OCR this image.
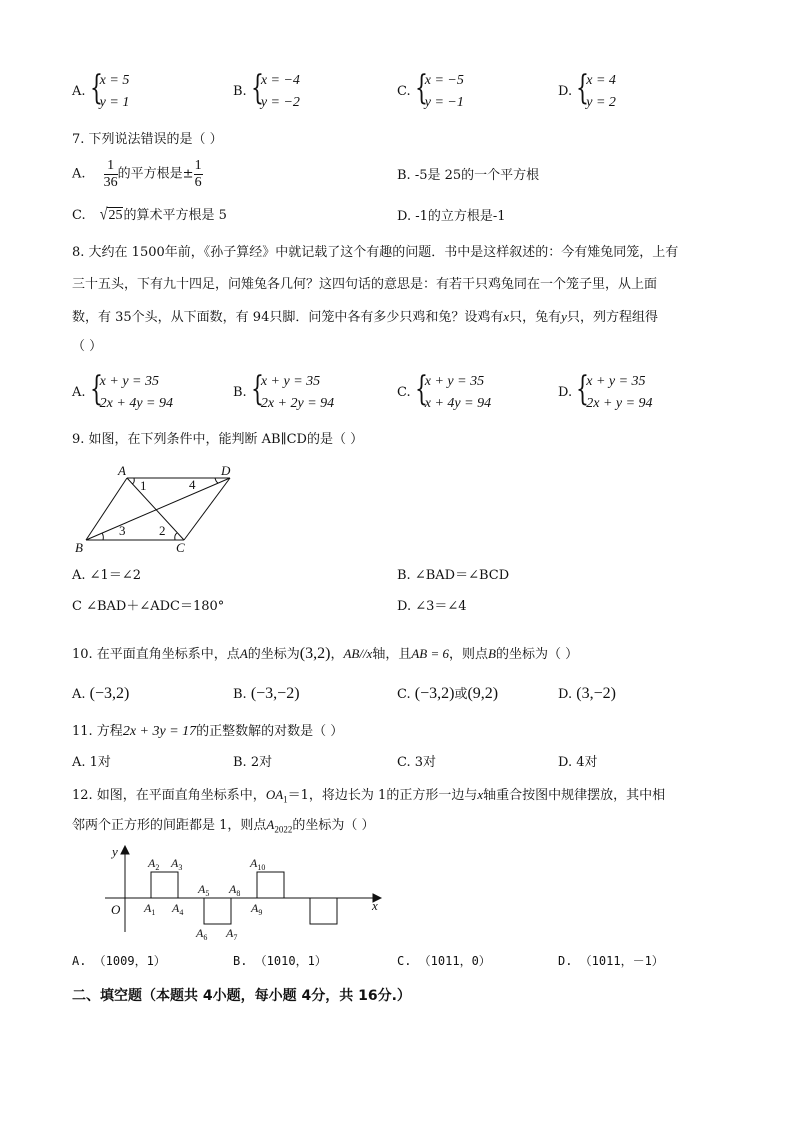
A. {
x = 5
y = 1
B. {
x = −4
y = −2
C. {
x = −5
y = −1
D. {
x = 4
y = 2
7. 下列说法错误的是（ ）
A. $\frac{1}{36}$ 的平方根是± $\frac{1}{6}$	B. -5是 25的一个平方根
C. √25的算术平方根是 5	D. -1的立方根是-1
8. 大约在 1500年前，《孙子算经》中就记载了这个有趣的问题．书中是这样叙述的：今有雉兔同笼，上有
三十五头，下有九十四足，问雉兔各几何？这四句话的意思是：有若干只鸡兔同在一个笼子里，从上面
数，有 35个头，从下面数，有 94只脚．问笼中各有多少只鸡和兔？设鸡有x只，兔有y只，列方程组得
（ ）
A. {
x + y = 35
2x + 4y = 94
B. {
x + y = 35
2x + 2y = 94
C. {
x + y = 35
x + 4y = 94
D. {
x + y = 35
2x + y = 94
9. 如图，在下列条件中，能判断 AB∥CD的是（ ）
A	D
B	C
1	4
3	2
A. ∠1＝∠2	B. ∠BAD＝∠BCD
C ∠BAD＋∠ADC＝180°	D. ∠3＝∠4
10. 在平面直角坐标系中，点A的坐标为(3,2)，AB//x轴，且AB = 6，则点B的坐标为（ ）
A. (−3,2)	B. (−3,−2)	C. (−3,2)或(9,2)	D. (3,−2)
11. 方程2x + 3y = 17的正整数解的对数是（ ）
A. 1对	B. 2对	C. 3对	D. 4对
12. 如图，在平面直角坐标系中，$OA_1=1$，将边长为 1的正方形一边与x轴重合按图中规律摆放，其中相
邻两个正方形的间距都是 1，则点$A_{2022}$的坐标为（ ）
y
x
O $A_1$
$A_2$ $A_3$
$A_4$
$A_5$
$A_6$ $A_7$
$A_8$
$A_9$
$A_{10}$
A. （1009，1）	B. （1010，1）	C. （1011，0）	D. （1011，－1）
二、填空题（本题共 4小题，每小题 4分，共 16分.）
